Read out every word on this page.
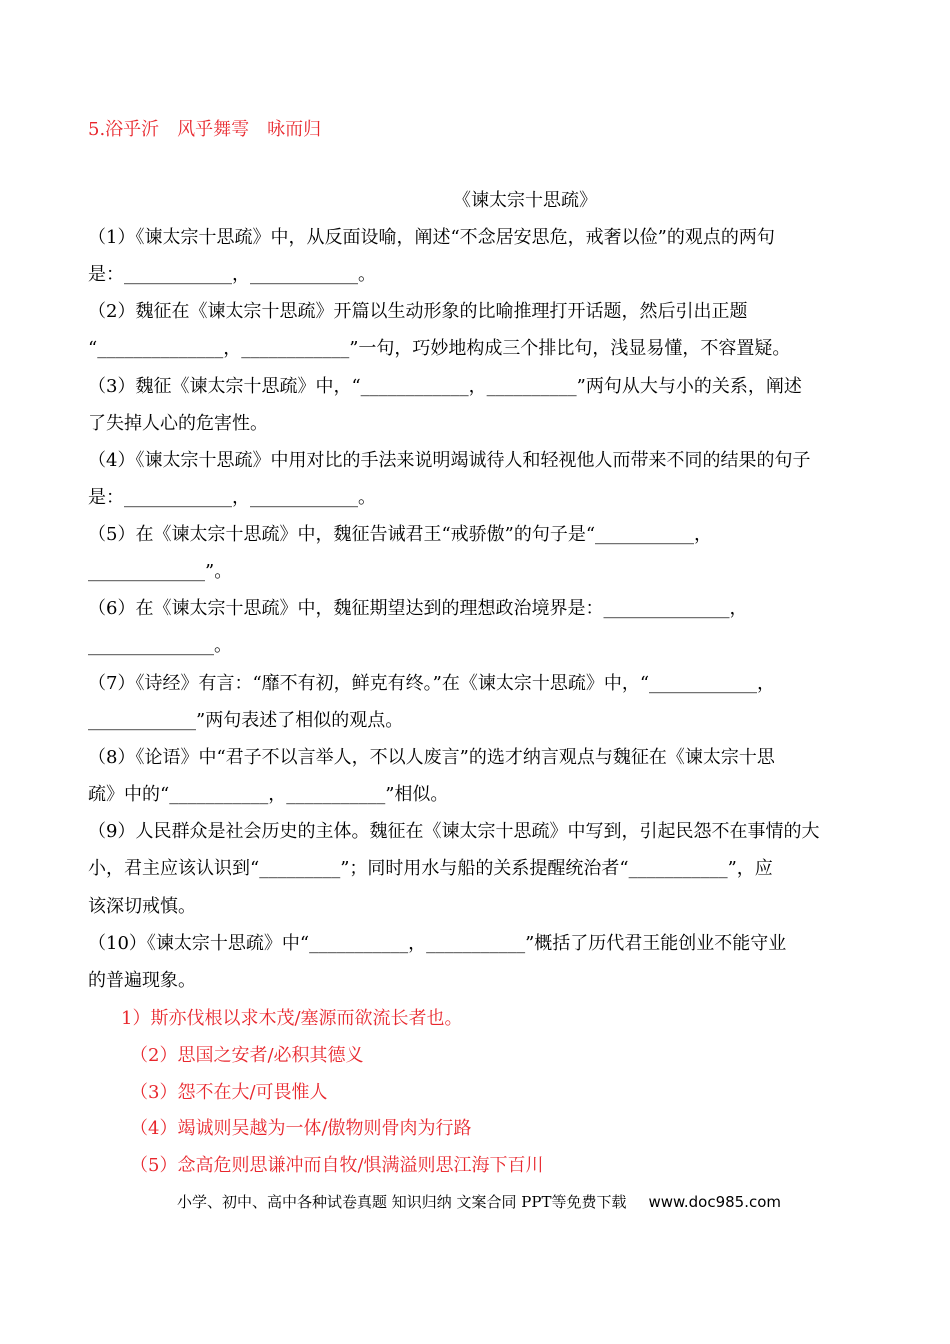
5.浴乎沂　风乎舞雩　咏而归
《谏太宗十思疏》
（1）《谏太宗十思疏》中，从反面设喻，阐述“不念居安思危，戒奢以俭”的观点的两句
是：____________，____________。
（2）魏征在《谏太宗十思疏》开篇以生动形象的比喻推理打开话题，然后引出正题
“______________，____________”一句，巧妙地构成三个排比句，浅显易懂，不容置疑。
（3）魏征《谏太宗十思疏》中，“____________，__________”两句从大与小的关系，阐述
了失掉人心的危害性。
（4）《谏太宗十思疏》中用对比的手法来说明竭诚待人和轻视他人而带来不同的结果的句子
是：____________，____________。
（5）在《谏太宗十思疏》中，魏征告诫君王“戒骄傲”的句子是“___________，
_____________”。
（6）在《谏太宗十思疏》中，魏征期望达到的理想政治境界是：______________，
______________。
（7）《诗经》有言：“靡不有初，鲜克有终。”在《谏太宗十思疏》中，“____________，
____________”两句表述了相似的观点。
（8）《论语》中“君子不以言举人，不以人废言”的选才纳言观点与魏征在《谏太宗十思
疏》中的“___________，___________”相似。
（9）人民群众是社会历史的主体。魏征在《谏太宗十思疏》中写到，引起民怨不在事情的大
小，君主应该认识到“_________”；同时用水与船的关系提醒统治者“___________”，应
该深切戒慎。
（10）《谏太宗十思疏》中“___________，___________”概括了历代君王能创业不能守业
的普遍现象。
1）斯亦伐根以求木茂/塞源而欲流长者也。
（2）思国之安者/必积其德义
（3）怨不在大/可畏惟人
（4）竭诚则吴越为一体/傲物则骨肉为行路
（5）念高危则思谦冲而自牧/惧满溢则思江海下百川
小学、初中、高中各种试卷真题 知识归纳 文案合同 PPT等免费下载 www.doc985.com
